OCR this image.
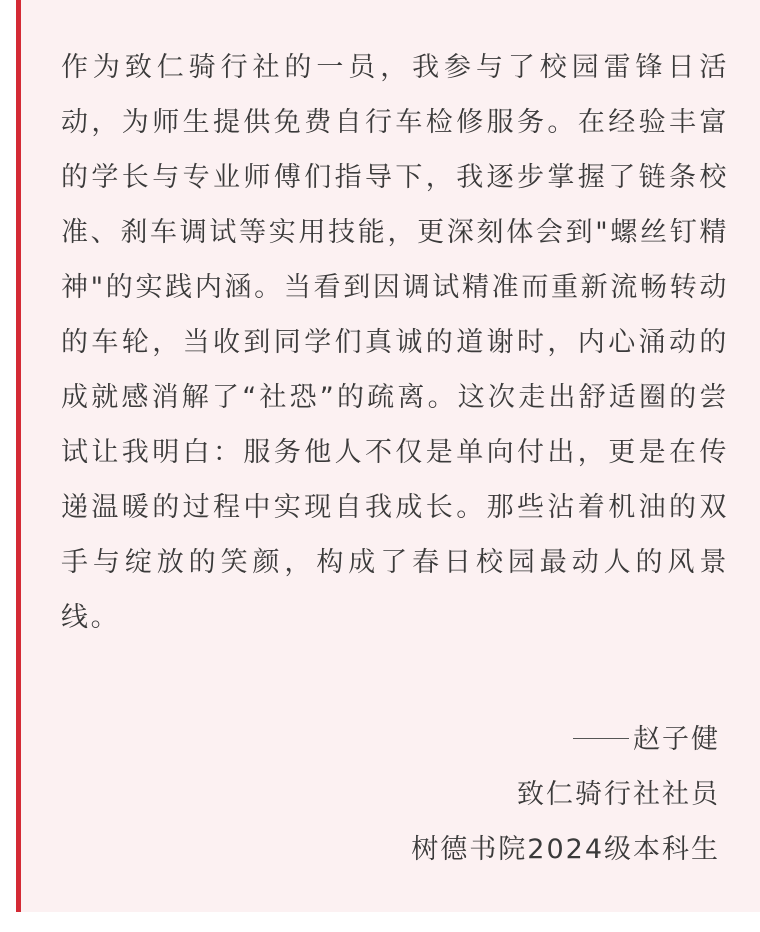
作为致仁骑行社的一员，我参与了校园雷锋日活动，为师生提供免费自行车检修服务。在经验丰富的学长与专业师傅们指导下，我逐步掌握了链条校准、刹车调试等实用技能，更深刻体会到"螺丝钉精神"的实践内涵。当看到因调试精准而重新流畅转动的车轮，当收到同学们真诚的道谢时，内心涌动的成就感消解了“社恐”的疏离。这次走出舒适圈的尝试让我明白：服务他人不仅是单向付出，更是在传递温暖的过程中实现自我成长。那些沾着机油的双手与绽放的笑颜，构成了春日校园最动人的风景线。

赵子健
致仁骑行社社员
树德书院2024级本科生
